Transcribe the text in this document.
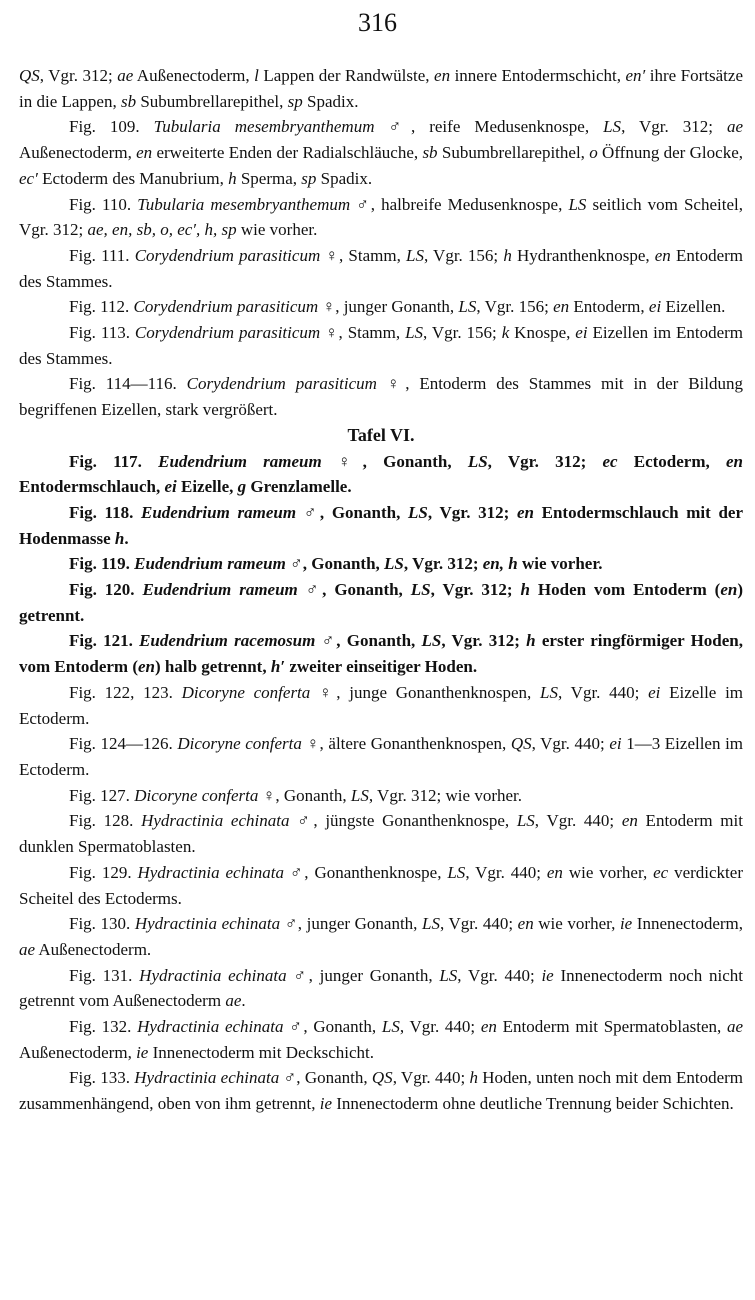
316

QS, Vgr. 312; ae Außenectoderm, l Lappen der Randwülste, en innere Entodermschicht, en′ ihre Fortsätze in die Lappen, sb Subumbrellarepithel, sp Spadix.

Fig. 109. Tubularia mesembryanthemum ♂, reife Medusenknospe, LS, Vgr. 312; ae Außenectoderm, en erweiterte Enden der Radialschläuche, sb Subumbrellarepithel, o Öffnung der Glocke, ec′ Ectoderm des Manubrium, h Sperma, sp Spadix.

Fig. 110. Tubularia mesembryanthemum ♂, halbreife Medusenknospe, LS seitlich vom Scheitel, Vgr. 312; ae, en, sb, o, ec′, h, sp wie vorher.

Fig. 111. Corydendrium parasiticum ♀, Stamm, LS, Vgr. 156; h Hydranthenknospe, en Entoderm des Stammes.

Fig. 112. Corydendrium parasiticum ♀, junger Gonanth, LS, Vgr. 156; en Entoderm, ei Eizellen.

Fig. 113. Corydendrium parasiticum ♀, Stamm, LS, Vgr. 156; k Knospe, ei Eizellen im Entoderm des Stammes.

Fig. 114—116. Corydendrium parasiticum ♀, Entoderm des Stammes mit in der Bildung begriffenen Eizellen, stark vergrößert.

Tafel VI.

Fig. 117. Eudendrium rameum ♀, Gonanth, LS, Vgr. 312; ec Ectoderm, en Entodermschlauch, ei Eizelle, g Grenzlamelle.

Fig. 118. Eudendrium rameum ♂, Gonanth, LS, Vgr. 312; en Entodermschlauch mit der Hodenmasse h.

Fig. 119. Eudendrium rameum ♂, Gonanth, LS, Vgr. 312; en, h wie vorher.

Fig. 120. Eudendrium rameum ♂, Gonanth, LS, Vgr. 312; h Hoden vom Entoderm (en) getrennt.

Fig. 121. Eudendrium racemosum ♂, Gonanth, LS, Vgr. 312; h erster ringförmiger Hoden, vom Entoderm (en) halb getrennt, h′ zweiter einseitiger Hoden.

Fig. 122, 123. Dicoryne conferta ♀, junge Gonanthenknospen, LS, Vgr. 440; ei Eizelle im Ectoderm.

Fig. 124—126. Dicoryne conferta ♀, ältere Gonanthenknospen, QS, Vgr. 440; ei 1—3 Eizellen im Ectoderm.

Fig. 127. Dicoryne conferta ♀, Gonanth, LS, Vgr. 312; wie vorher.

Fig. 128. Hydractinia echinata ♂, jüngste Gonanthenknospe, LS, Vgr. 440; en Entoderm mit dunklen Spermatoblasten.

Fig. 129. Hydractinia echinata ♂, Gonanthenknospe, LS, Vgr. 440; en wie vorher, ec verdickter Scheitel des Ectoderms.

Fig. 130. Hydractinia echinata ♂, junger Gonanth, LS, Vgr. 440; en wie vorher, ie Innenectoderm, ae Außenectoderm.

Fig. 131. Hydractinia echinata ♂, junger Gonanth, LS, Vgr. 440; ie Innenectoderm noch nicht getrennt vom Außenectoderm ae.

Fig. 132. Hydractinia echinata ♂, Gonanth, LS, Vgr. 440; en Entoderm mit Spermatoblasten, ae Außenectoderm, ie Innenectoderm mit Deckschicht.

Fig. 133. Hydractinia echinata ♂, Gonanth, QS, Vgr. 440; h Hoden, unten noch mit dem Entoderm zusammenhängend, oben von ihm getrennt, ie Innenectoderm ohne deutliche Trennung beider Schichten.
